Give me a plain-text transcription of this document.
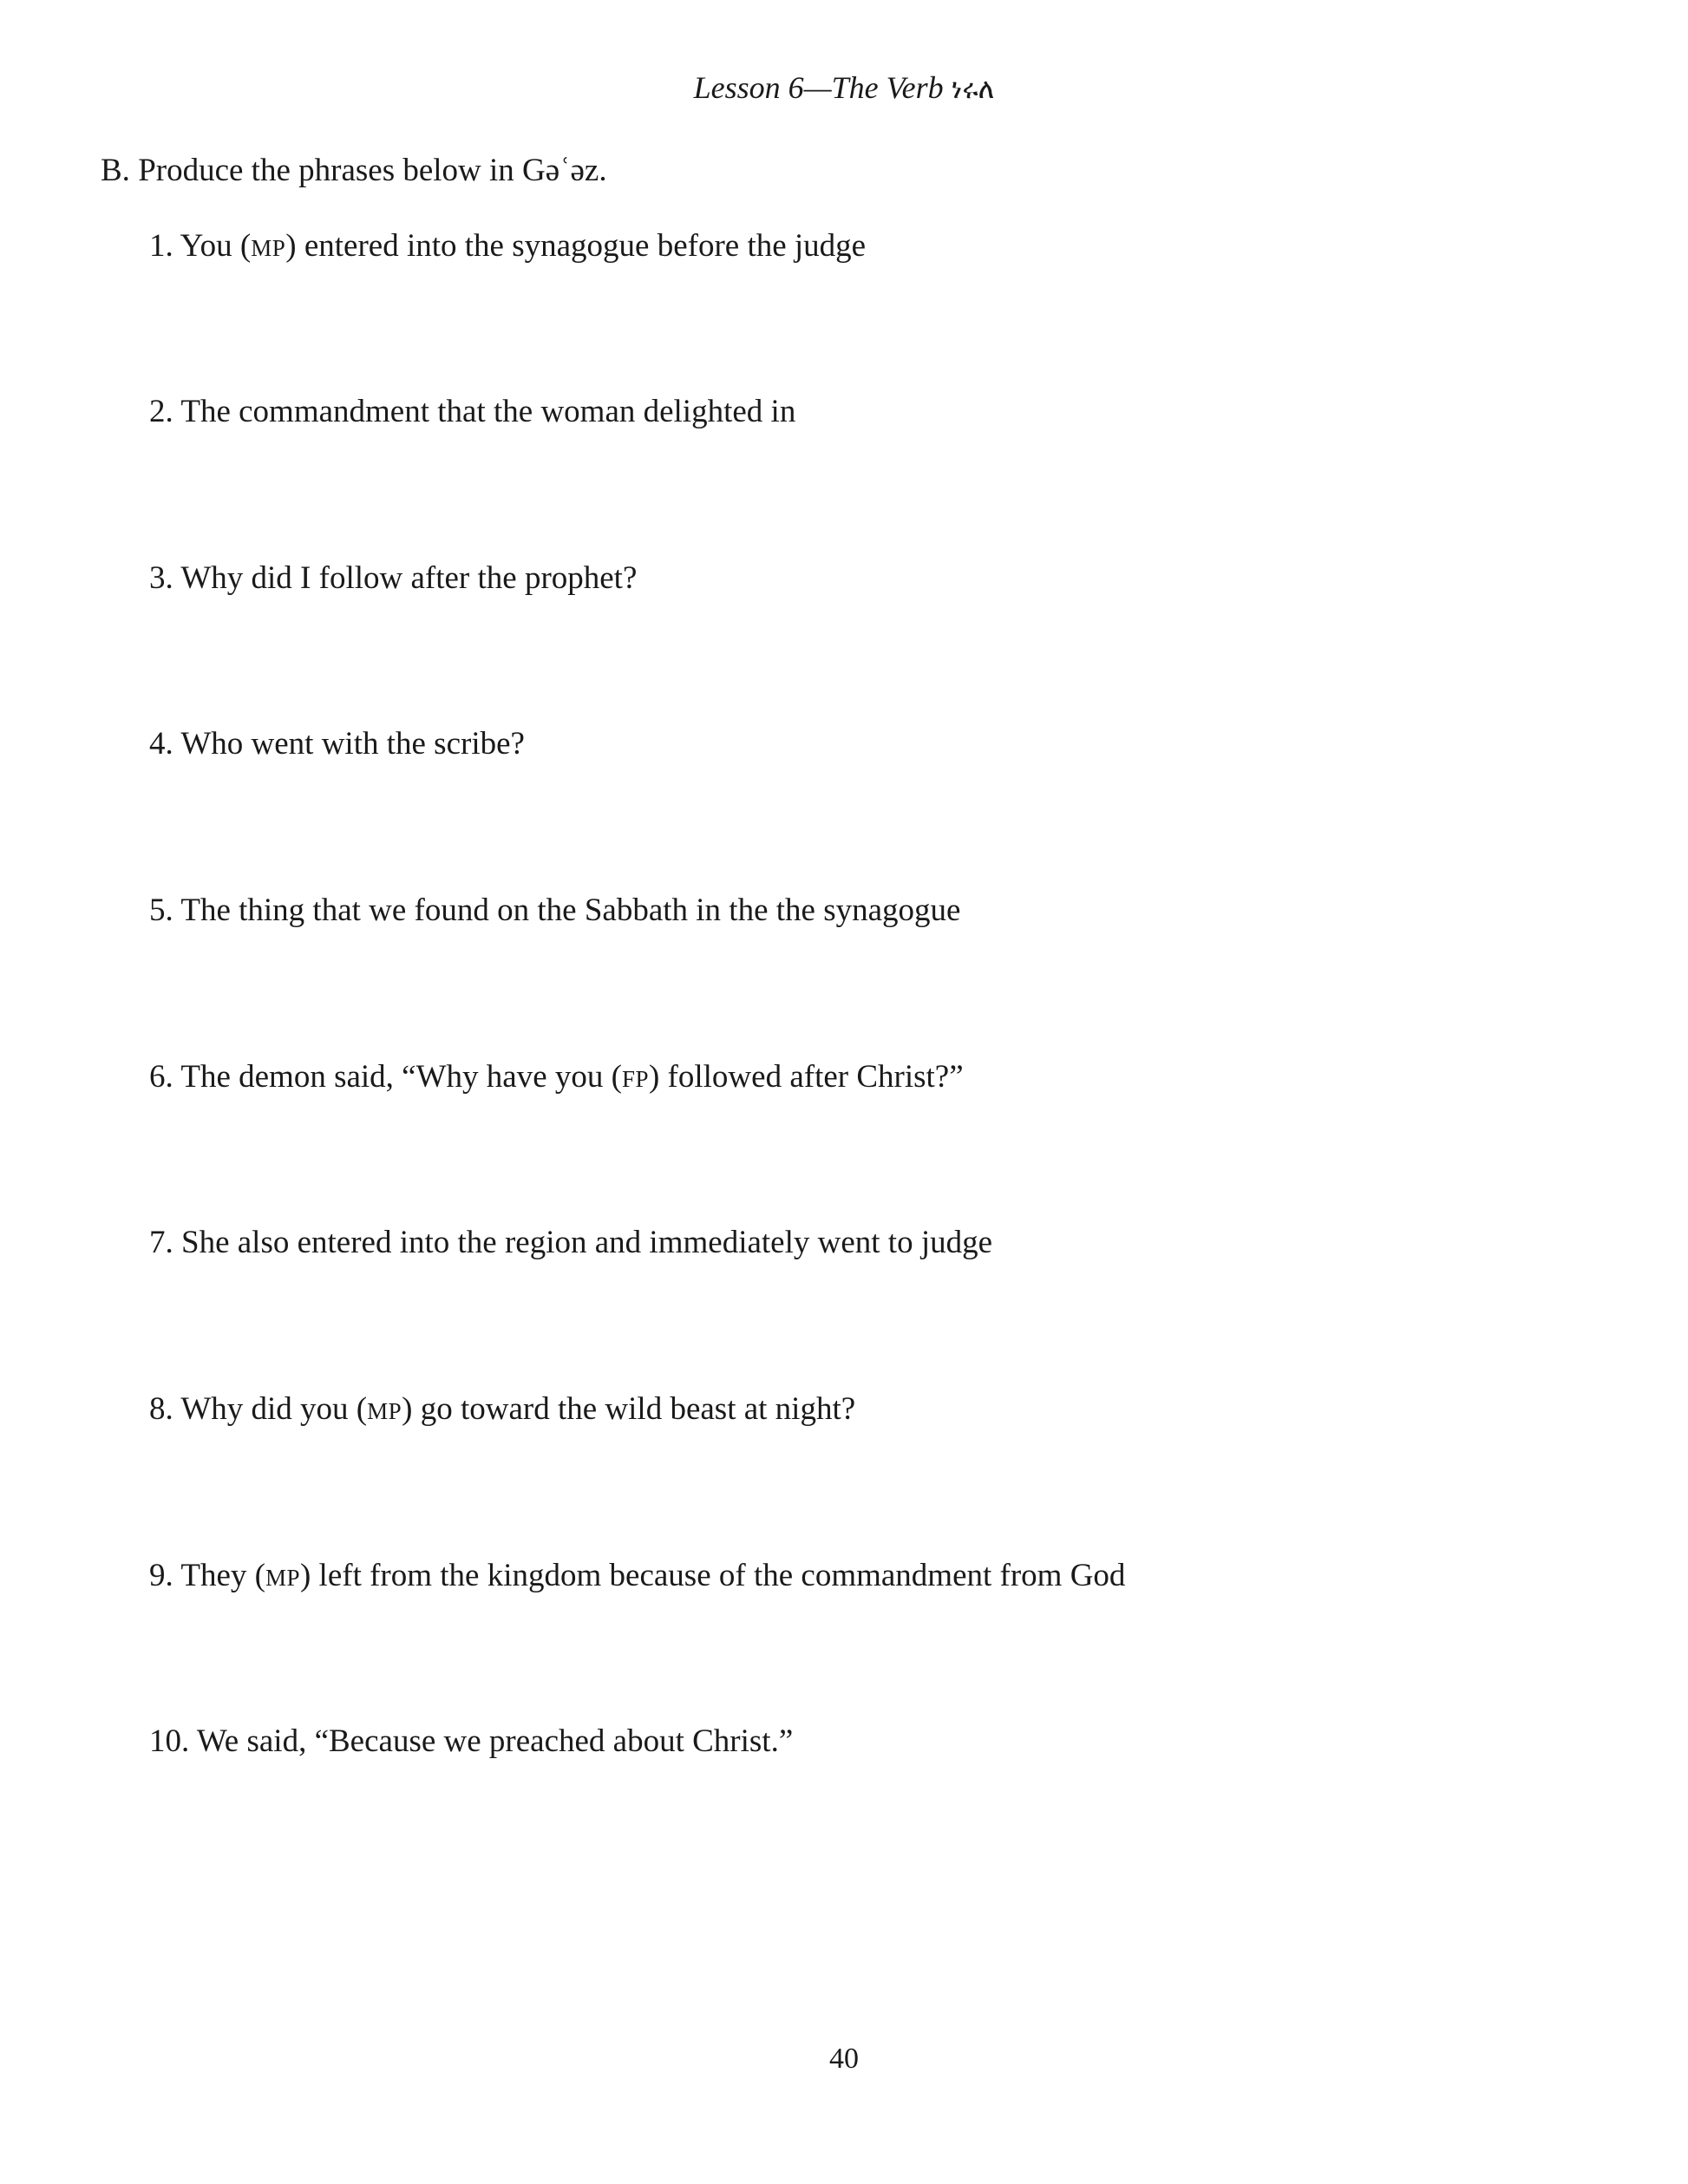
Lesson 6—The Verb ነሩለ
B. Produce the phrases below in Gəʿəz.
1. You (MP) entered into the synagogue before the judge
2. The commandment that the woman delighted in
3. Why did I follow after the prophet?
4. Who went with the scribe?
5. The thing that we found on the Sabbath in the the synagogue
6. The demon said, “Why have you (FP) followed after Christ?”
7. She also entered into the region and immediately went to judge
8. Why did you (MP) go toward the wild beast at night?
9. They (MP) left from the kingdom because of the commandment from God
10. We said, “Because we preached about Christ.”
40
